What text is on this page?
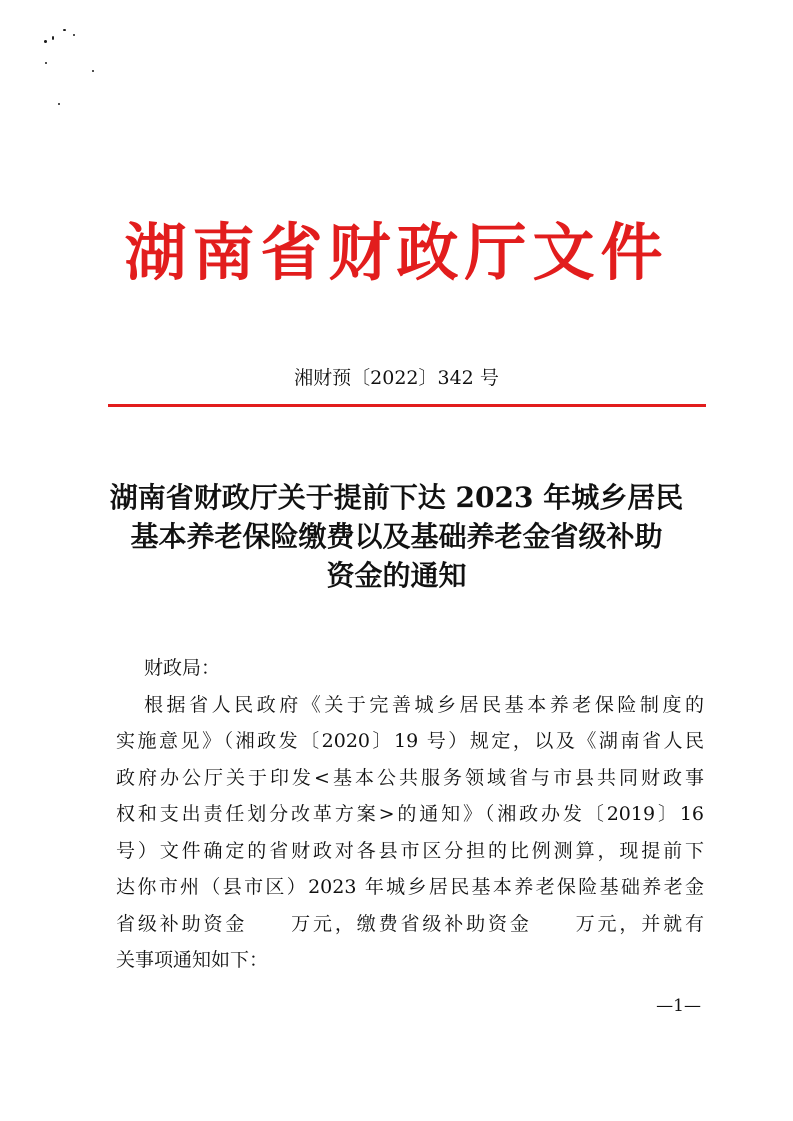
湖南省财政厅文件
湘财预〔2022〕342 号
湖南省财政厅关于提前下达 2023 年城乡居民
基本养老保险缴费以及基础养老金省级补助
资金的通知
财政局：
根据省人民政府《关于完善城乡居民基本养老保险制度的
实施意见》（湘政发〔2020〕19 号）规定，以及《湖南省人民
政府办公厅关于印发<基本公共服务领域省与市县共同财政事
权和支出责任划分改革方案>的通知》（湘政办发〔2019〕16
号）文件确定的省财政对各县市区分担的比例测算，现提前下
达你市州（县市区）2023 年城乡居民基本养老保险基础养老金
省级补助资金　　万元，缴费省级补助资金　　万元，并就有
关事项通知如下：
—1—
